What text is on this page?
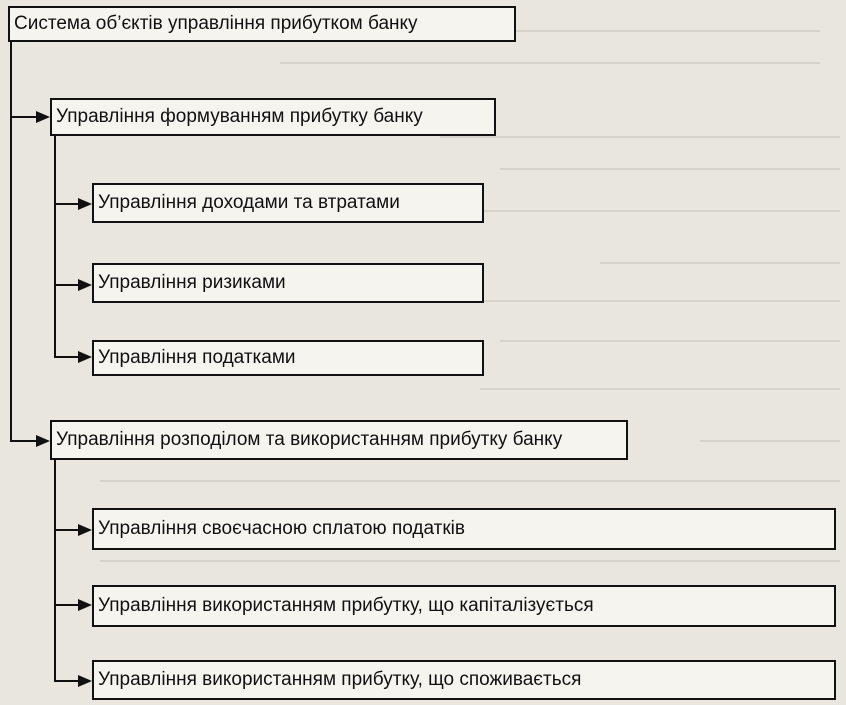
Система об’єктів управління прибутком банку
Управління формуванням прибутку банку
Управління доходами та втратами
Управління ризиками
Управління податками
Управління розподілом та використанням прибутку банку
Управління своєчасною сплатою податків
Управління використанням прибутку, що капіталізується
Управління використанням прибутку, що споживається
